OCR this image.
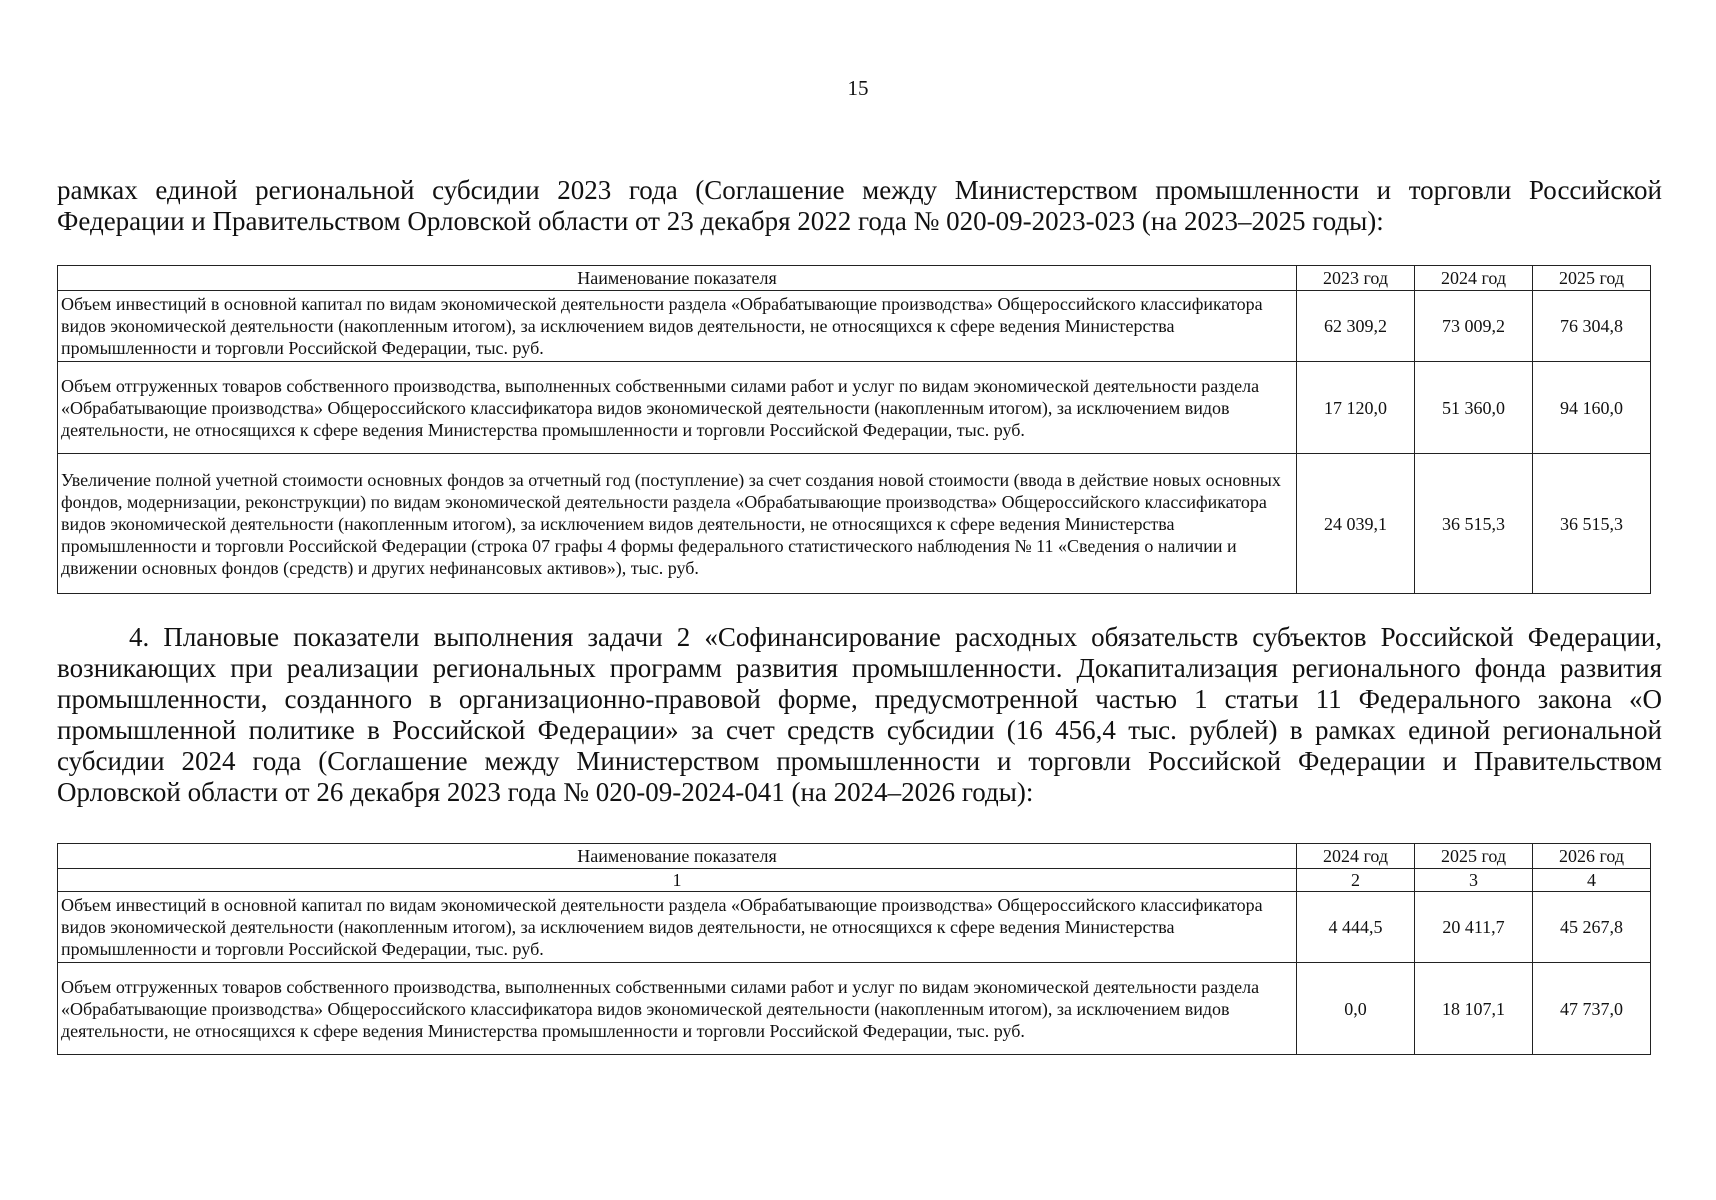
15
рамках единой региональной субсидии 2023 года (Соглашение между Министерством промышленности и торговли Российской Федерации и Правительством Орловской области от 23 декабря 2022 года № 020-09-2023-023 (на 2023–2025 годы):
Наименование показателя	2023 год	2024 год	2025 год
Объем инвестиций в основной капитал по видам экономической деятельности раздела «Обрабатывающие производства» Общероссийского классификатора видов экономической деятельности (накопленным итогом), за исключением видов деятельности, не относящихся к сфере ведения Министерства промышленности и торговли Российской Федерации, тыс. руб.	62 309,2	73 009,2	76 304,8
Объем отгруженных товаров собственного производства, выполненных собственными силами работ и услуг по видам экономической деятельности раздела «Обрабатывающие производства» Общероссийского классификатора видов экономической деятельности (накопленным итогом), за исключением видов деятельности, не относящихся к сфере ведения Министерства промышленности и торговли Российской Федерации, тыс. руб.	17 120,0	51 360,0	94 160,0
Увеличение полной учетной стоимости основных фондов за отчетный год (поступление) за счет создания новой стоимости (ввода в действие новых основных фондов, модернизации, реконструкции) по видам экономической деятельности раздела «Обрабатывающие производства» Общероссийского классификатора видов экономической деятельности (накопленным итогом), за исключением видов деятельности, не относящихся к сфере ведения Министерства промышленности и торговли Российской Федерации (строка 07 графы 4 формы федерального статистического наблюдения № 11 «Сведения о наличии и движении основных фондов (средств) и других нефинансовых активов»), тыс. руб.	24 039,1	36 515,3	36 515,3
4. Плановые показатели выполнения задачи 2 «Софинансирование расходных обязательств субъектов Российской Федерации, возникающих при реализации региональных программ развития промышленности. Докапитализация регионального фонда развития промышленности, созданного в организационно-правовой форме, предусмотренной частью 1 статьи 11 Федерального закона «О промышленной политике в Российской Федерации» за счет средств субсидии (16 456,4 тыс. рублей) в рамках единой региональной субсидии 2024 года (Соглашение между Министерством промышленности и торговли Российской Федерации и Правительством Орловской области от 26 декабря 2023 года № 020-09-2024-041 (на 2024–2026 годы):
Наименование показателя	2024 год	2025 год	2026 год
1	2	3	4
Объем инвестиций в основной капитал по видам экономической деятельности раздела «Обрабатывающие производства» Общероссийского классификатора видов экономической деятельности (накопленным итогом), за исключением видов деятельности, не относящихся к сфере ведения Министерства промышленности и торговли Российской Федерации, тыс. руб.	4 444,5	20 411,7	45 267,8
Объем отгруженных товаров собственного производства, выполненных собственными силами работ и услуг по видам экономической деятельности раздела «Обрабатывающие производства» Общероссийского классификатора видов экономической деятельности (накопленным итогом), за исключением видов деятельности, не относящихся к сфере ведения Министерства промышленности и торговли Российской Федерации, тыс. руб.	0,0	18 107,1	47 737,0
